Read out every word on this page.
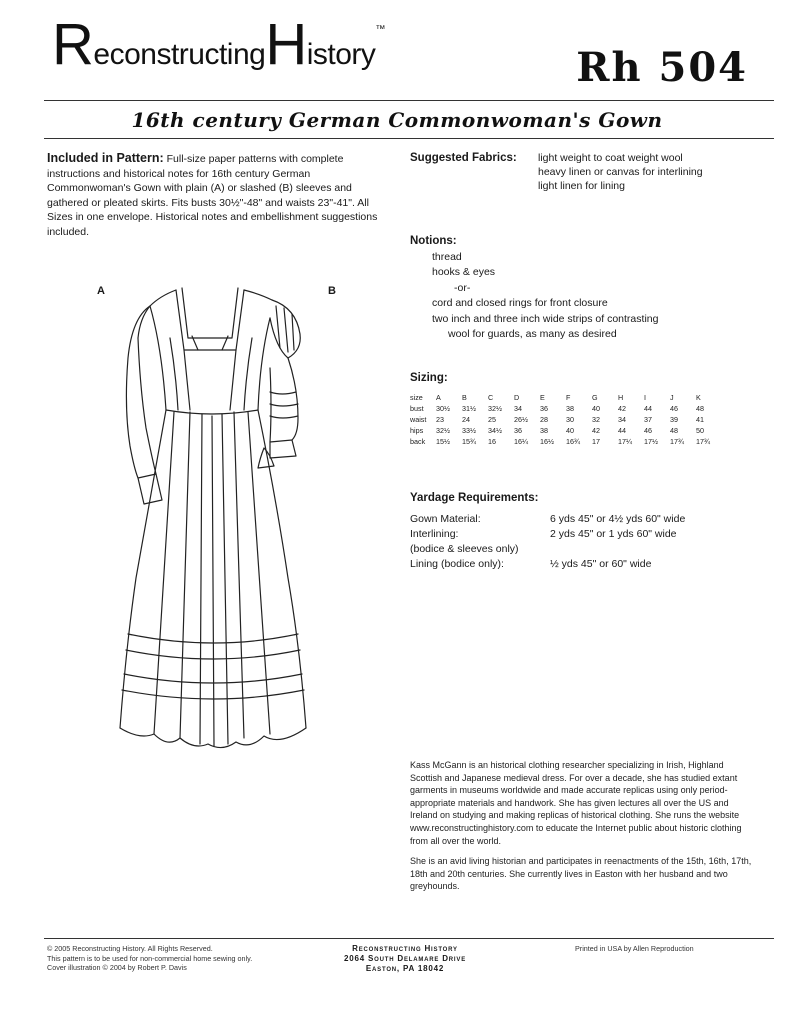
ReconstructingHistory™
Rh 504
16th century German Commonwoman's Gown
Included in Pattern: Full-size paper patterns with complete instructions and historical notes for 16th century German Commonwoman's Gown with plain (A) or slashed (B) sleeves and gathered or pleated skirts. Fits busts 30½"-48" and waists 23"-41". All Sizes in one envelope. Historical notes and embellishment suggestions included.
Suggested Fabrics: light weight to coat weight wool
heavy linen or canvas for interlining
light linen for lining
Notions:
thread
hooks & eyes
-or-
cord and closed rings for front closure
two inch and three inch wide strips of contrasting
wool for guards, as many as desired
Sizing:
size	A	B	C	D	E	F	G	H	I	J	K
bust	30½	31½	32½	34	36	38	40	42	44	46	48
waist	23	24	25	26½	28	30	32	34	37	39	41
hips	32½	33½	34½	36	38	40	42	44	46	48	50
back	15½	15¾	16	16¼	16½	16¾	17	17¼	17½	17¾	17¾
Yardage Requirements:
Gown Material:	6 yds 45" or 4½ yds 60" wide
Interlining:	2 yds 45" or 1 yds 60" wide
(bodice & sleeves only)
Lining (bodice only):	½ yds 45" or 60" wide
A	B

Kass McGann is an historical clothing researcher specializing in Irish, Highland Scottish and Japanese medieval dress. For over a decade, she has studied extant garments in museums worldwide and made accurate replicas using only period-appropriate materials and handwork. She has given lectures all over the US and Ireland on studying and making replicas of historical clothing. She runs the website www.reconstructinghistory.com to educate the Internet public about historic clothing from all over the world.

She is an avid living historian and participates in reenactments of the 15th, 16th, 17th, 18th and 20th centuries. She currently lives in Easton with her husband and two greyhounds.

© 2005 Reconstructing History. All Rights Reserved.
This pattern is to be used for non-commercial home sewing only.
Cover illustration © 2004 by Robert P. Davis
Reconstructing History
2064 South Delamare Drive
Easton, PA 18042
Printed in USA by Allen Reproduction
